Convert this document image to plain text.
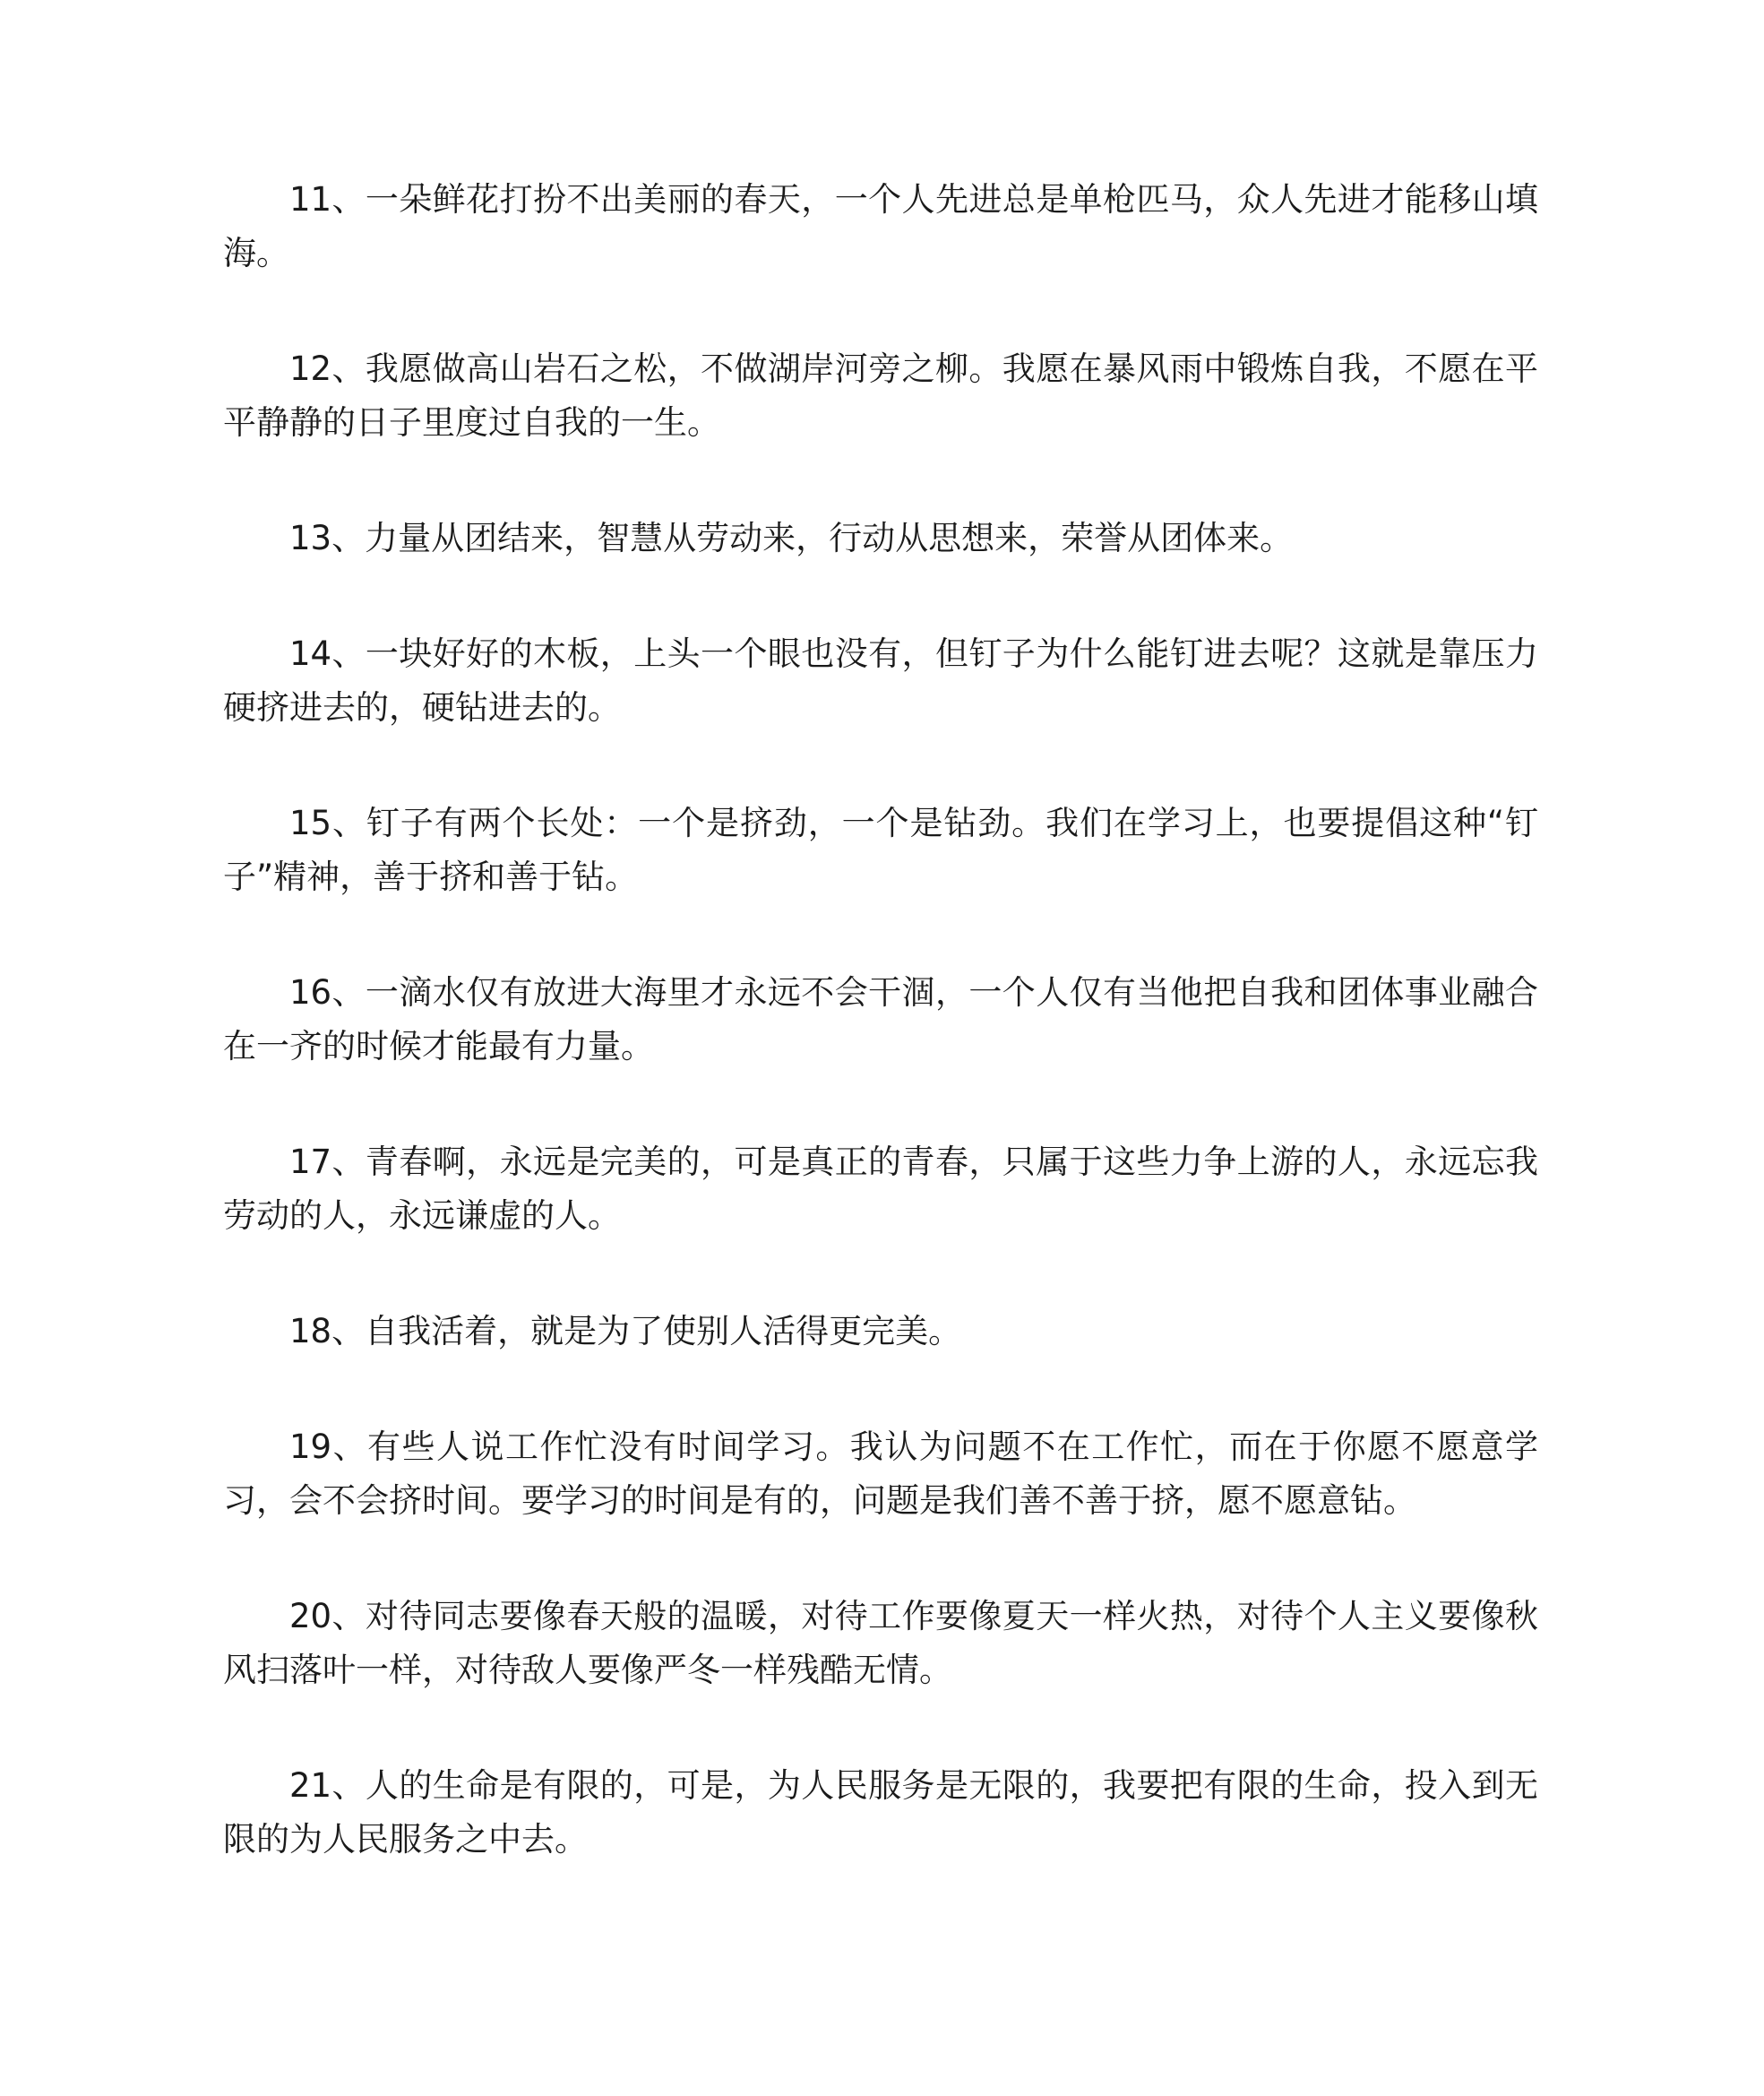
11、一朵鲜花打扮不出美丽的春天，一个人先进总是单枪匹马，众人先进才能移山填海。

12、我愿做高山岩石之松，不做湖岸河旁之柳。我愿在暴风雨中锻炼自我，不愿在平平静静的日子里度过自我的一生。

13、力量从团结来，智慧从劳动来，行动从思想来，荣誉从团体来。

14、一块好好的木板，上头一个眼也没有，但钉子为什么能钉进去呢？这就是靠压力硬挤进去的，硬钻进去的。

15、钉子有两个长处：一个是挤劲，一个是钻劲。我们在学习上，也要提倡这种“钉子”精神，善于挤和善于钻。

16、一滴水仅有放进大海里才永远不会干涸，一个人仅有当他把自我和团体事业融合在一齐的时候才能最有力量。

17、青春啊，永远是完美的，可是真正的青春，只属于这些力争上游的人，永远忘我劳动的人，永远谦虚的人。

18、自我活着，就是为了使别人活得更完美。

19、有些人说工作忙没有时间学习。我认为问题不在工作忙，而在于你愿不愿意学习，会不会挤时间。要学习的时间是有的，问题是我们善不善于挤，愿不愿意钻。

20、对待同志要像春天般的温暖，对待工作要像夏天一样火热，对待个人主义要像秋风扫落叶一样，对待敌人要像严冬一样残酷无情。

21、人的生命是有限的，可是，为人民服务是无限的，我要把有限的生命，投入到无限的为人民服务之中去。
